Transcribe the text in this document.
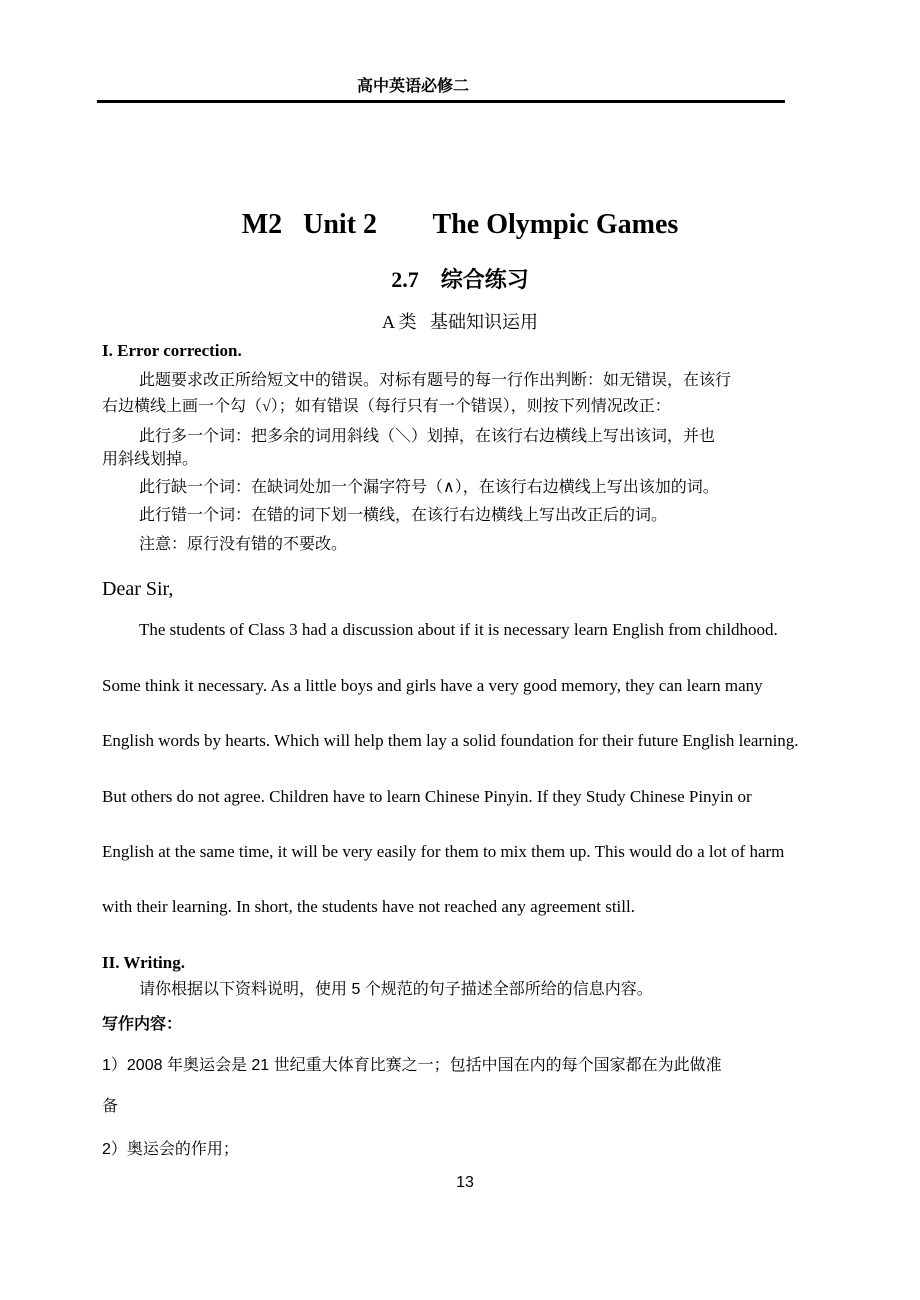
高中英语必修二
M2   Unit 2        The Olympic Games
2.7    综合练习
A 类   基础知识运用
I. Error correction.
此题要求改正所给短文中的错误。对标有题号的每一行作出判断：如无错误，在该行
右边横线上画一个勾（√）；如有错误（每行只有一个错误），则按下列情况改正：
此行多一个词：把多余的词用斜线（＼）划掉，在该行右边横线上写出该词，并也
用斜线划掉。
此行缺一个词：在缺词处加一个漏字符号（∧），在该行右边横线上写出该加的词。
此行错一个词：在错的词下划一横线，在该行右边横线上写出改正后的词。
注意：原行没有错的不要改。
Dear Sir,
The students of Class 3 had a discussion about if it is necessary learn English from childhood.
Some think it necessary. As a little boys and girls have a very good memory, they can learn many
English words by hearts. Which will help them lay a solid foundation for their future English learning.
But others do not agree. Children have to learn Chinese Pinyin. If they Study Chinese Pinyin or
English at the same time, it will be very easily for them to mix them up. This would do a lot of harm
with their learning. In short, the students have not reached any agreement still.
II. Writing.
请你根据以下资料说明，使用 5 个规范的句子描述全部所给的信息内容。
写作内容：
1）2008 年奥运会是 21 世纪重大体育比赛之一；包括中国在内的每个国家都在为此做准
备
2）奥运会的作用；
13
